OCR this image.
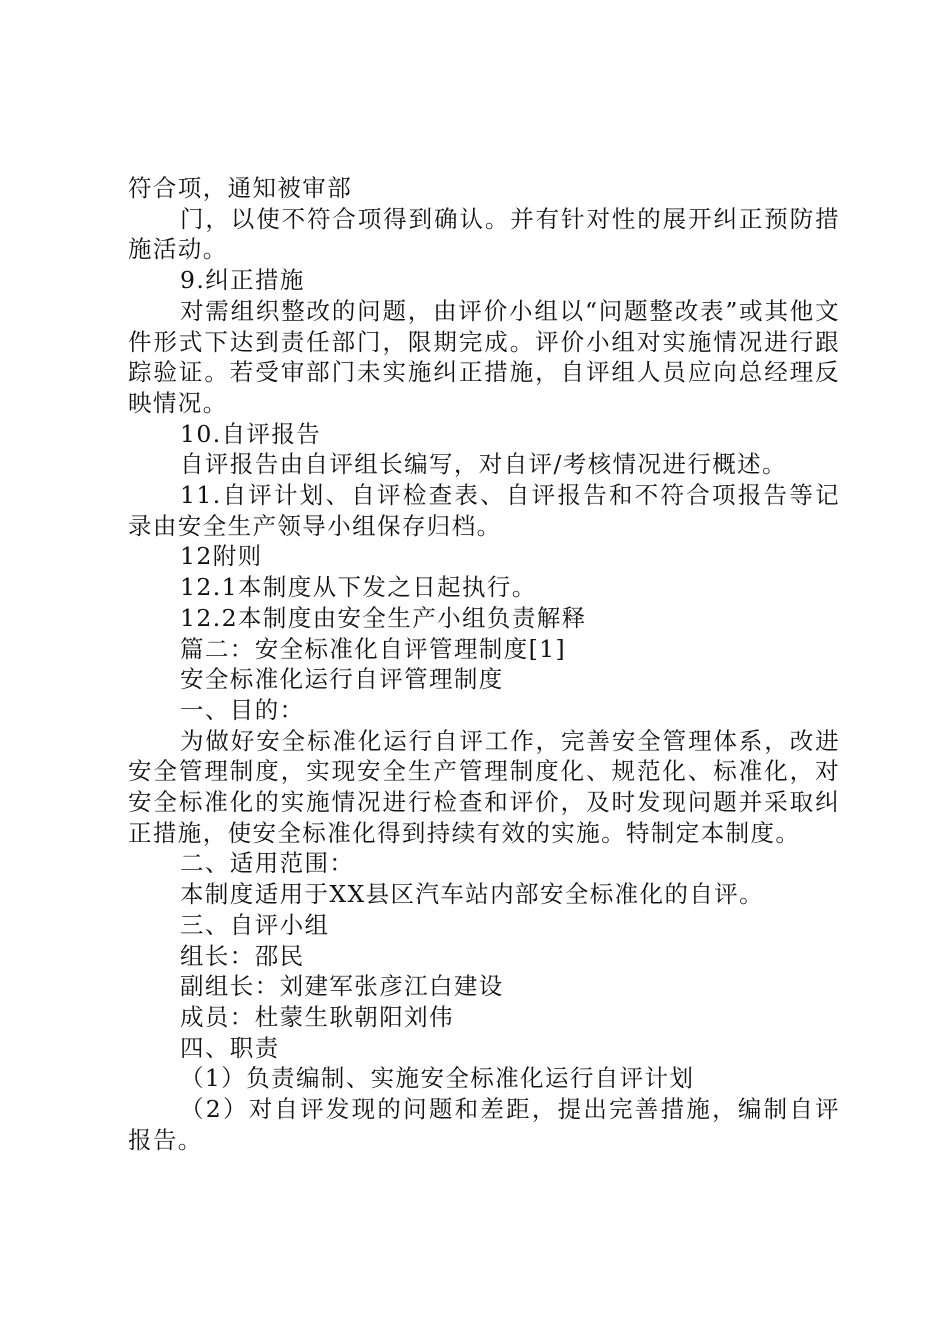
符合项，通知被审部

门，以使不符合项得到确认。并有针对性的展开纠正预防措施活动。

9.纠正措施

对需组织整改的问题，由评价小组以“问题整改表”或其他文件形式下达到责任部门，限期完成。评价小组对实施情况进行跟踪验证。若受审部门未实施纠正措施，自评组人员应向总经理反映情况。

10.自评报告

自评报告由自评组长编写，对自评/考核情况进行概述。

11.自评计划、自评检查表、自评报告和不符合项报告等记录由安全生产领导小组保存归档。

12附则

12.1本制度从下发之日起执行。

12.2本制度由安全生产小组负责解释

篇二：安全标准化自评管理制度[1]

安全标准化运行自评管理制度

一、目的：

为做好安全标准化运行自评工作，完善安全管理体系，改进安全管理制度，实现安全生产管理制度化、规范化、标准化，对安全标准化的实施情况进行检查和评价，及时发现问题并采取纠正措施，使安全标准化得到持续有效的实施。特制定本制度。

二、适用范围：

本制度适用于XX县区汽车站内部安全标准化的自评。

三、自评小组

组长：邵民

副组长：刘建军张彦江白建设

成员：杜蒙生耿朝阳刘伟

四、职责

（1）负责编制、实施安全标准化运行自评计划

（2）对自评发现的问题和差距，提出完善措施，编制自评报告。
